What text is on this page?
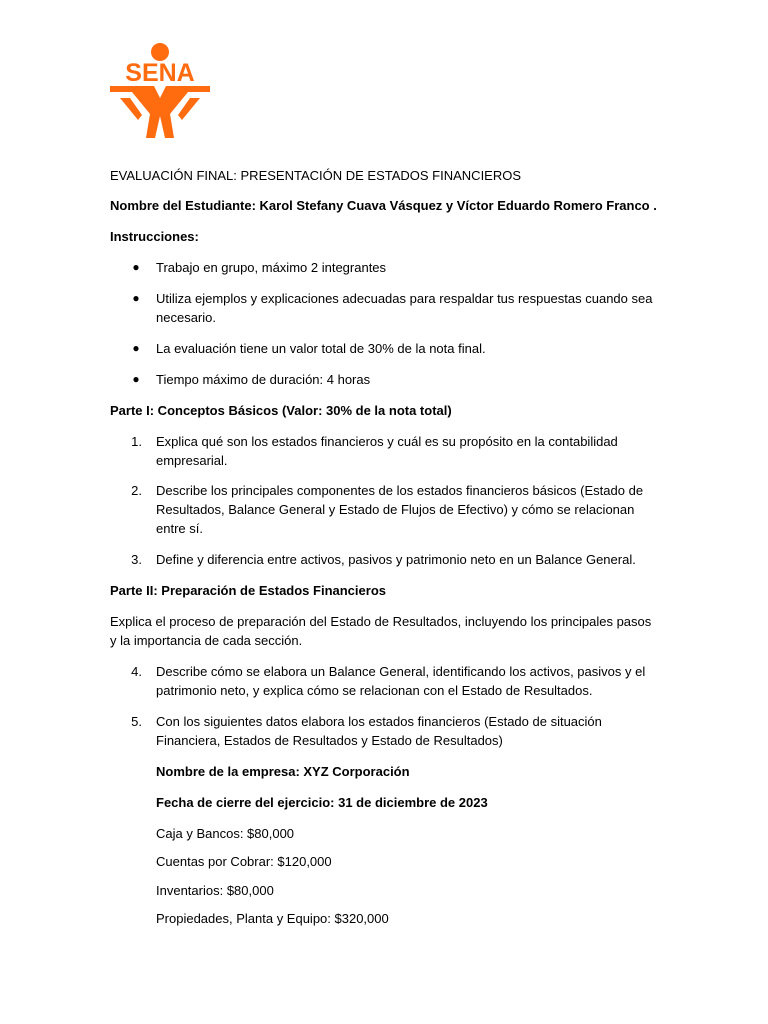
SENA
EVALUACIÓN FINAL: PRESENTACIÓN DE ESTADOS FINANCIEROS
Nombre del Estudiante: Karol Stefany Cuava Vásquez y Víctor Eduardo Romero Franco .
Instrucciones:
● Trabajo en grupo, máximo 2 integrantes
● Utiliza ejemplos y explicaciones adecuadas para respaldar tus respuestas cuando sea necesario.
● La evaluación tiene un valor total de 30% de la nota final.
● Tiempo máximo de duración: 4 horas
Parte I: Conceptos Básicos (Valor: 30% de la nota total)
1. Explica qué son los estados financieros y cuál es su propósito en la contabilidad empresarial.
2. Describe los principales componentes de los estados financieros básicos (Estado de Resultados, Balance General y Estado de Flujos de Efectivo) y cómo se relacionan entre sí.
3. Define y diferencia entre activos, pasivos y patrimonio neto en un Balance General.
Parte II: Preparación de Estados Financieros
Explica el proceso de preparación del Estado de Resultados, incluyendo los principales pasos y la importancia de cada sección.
4. Describe cómo se elabora un Balance General, identificando los activos, pasivos y el patrimonio neto, y explica cómo se relacionan con el Estado de Resultados.
5. Con los siguientes datos elabora los estados financieros (Estado de situación Financiera, Estados de Resultados y Estado de Resultados)
Nombre de la empresa: XYZ Corporación
Fecha de cierre del ejercicio: 31 de diciembre de 2023
Caja y Bancos: $80,000
Cuentas por Cobrar: $120,000
Inventarios: $80,000
Propiedades, Planta y Equipo: $320,000
